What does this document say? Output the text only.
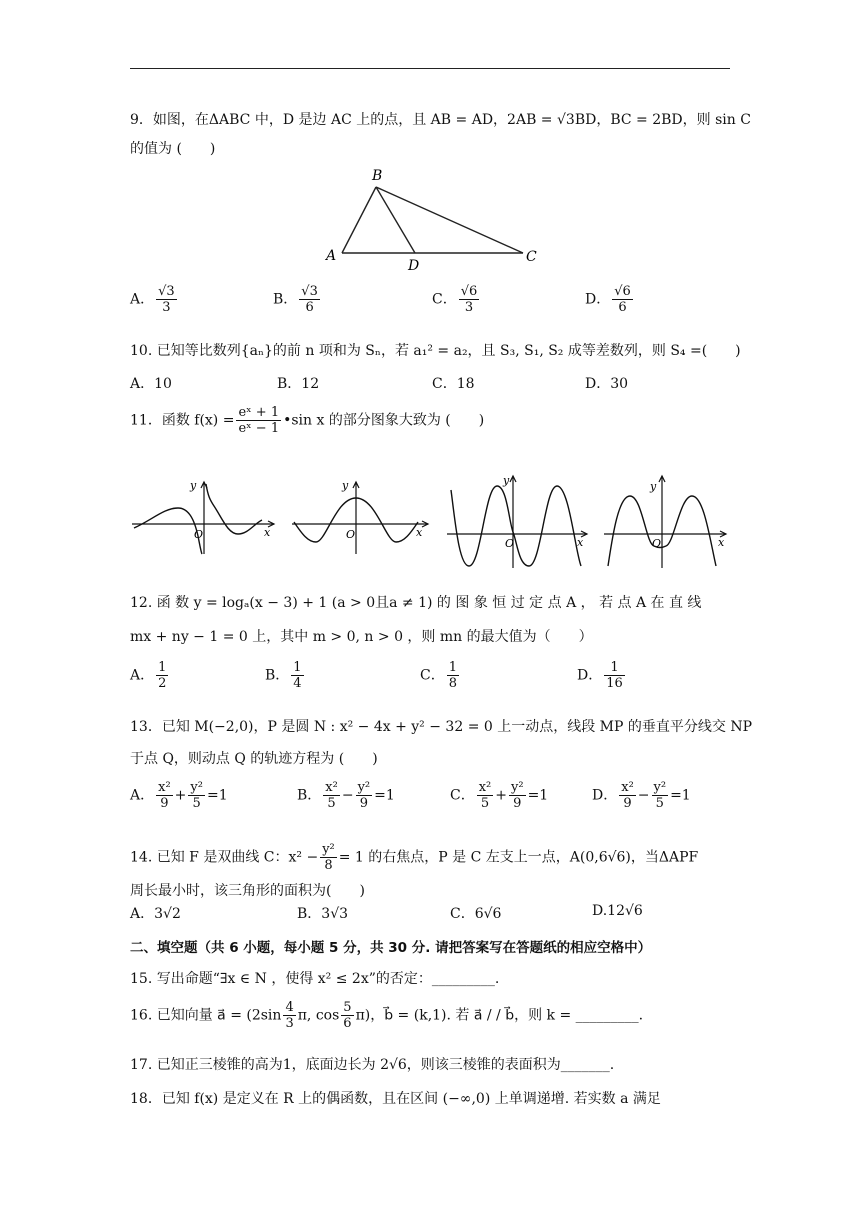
9．如图，在ΔABC 中，D 是边 AC 上的点，且 AB = AD，2AB = √3BD，BC = 2BD，则 sin C
的值为 (　　)
B
A
D
C
A． $\frac{√3}{3}$	B． $\frac{√3}{6}$	C． $\frac{√6}{3}$	D． $\frac{√6}{6}$
10. 已知等比数列{aₙ}的前 n 项和为 Sₙ，若 a₁² = a₂，且 S₃, S₁, S₂ 成等差数列，则 S₄ =(　　)
A．10	B．12	C．18	D．30
11．函数 $f(x) = \frac{\text{eˣ + 1}}{\text{eˣ − 1}}$ •sin x 的部分图象大致为 (　　)
y
x
O
y
x
O
y
x
O
y
x
O
12. 函 数 y = logₐ(x − 3) + 1 (a > 0且a ≠ 1) 的 图 象 恒 过 定 点 A ， 若 点 A 在 直 线
mx + ny − 1 = 0 上，其中 m > 0, n > 0 ，则 mn 的最大值为（　　）
A． $\frac{1}{2}$	B． $\frac{1}{4}$	C． $\frac{1}{8}$	D． $\frac{1}{16}$
13．已知 M(−2,0)，P 是圆 N : x² − 4x + y² − 32 = 0 上一动点，线段 MP 的垂直平分线交 NP
于点 Q，则动点 Q 的轨迹方程为 (　　)
A． $\frac{\text{x²}}{9} + \frac{\text{y²}}{5} =1$	B． $\frac{\text{x²}}{5} - \frac{\text{y²}}{9} =1$	C． $\frac{\text{x²}}{5} + \frac{\text{y²}}{9} =1$	D． $\frac{\text{x²}}{9} - \frac{\text{y²}}{5} =1$
14. 已知 F 是双曲线 C：$x^2 - \frac{\text{y²}}{8} = 1$ 的右焦点，P 是 C 左支上一点，A(0,6√6)，当ΔAPF
周长最小时，该三角形的面积为(　　)
A．3√2	B．3√3	C．6√6	D.12√6
二、填空题（共 6 小题，每小题 5 分，共 30 分. 请把答案写在答题纸的相应空格中）
15. 写出命题“∃x ∈ N ，使得 x² ≤ 2x”的否定：_________.
16. 已知向量 a⃗ = ($2\sin \frac{4}{3} \pi$, $\cos \frac{5}{6} \pi$)，b⃗ = (k,1). 若 a⃗ / / b⃗，则 k = _________.
17. 已知正三棱锥的高为1，底面边长为 2√6，则该三棱锥的表面积为_______.
18．已知 f(x) 是定义在 R 上的偶函数，且在区间 (−∞,0) 上单调递增. 若实数 a 满足
